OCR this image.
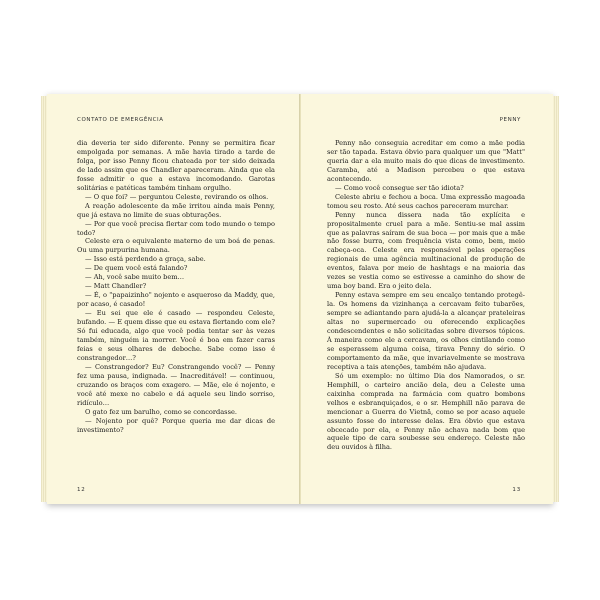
CONTATO DE EMERGÊNCIA

dia deveria ter sido diferente. Penny se permitira ficar empolgada por semanas. A mãe havia tirado a tarde de folga, por isso Penny ficou chateada por ter sido deixada de lado assim que os Chandler apareceram. Ainda que ela fosse admitir o que a estava incomodando. Garotas solitárias e patéticas também tinham orgulho.

— O que foi? — perguntou Celeste, revirando os olhos.

A reação adolescente da mãe irritou ainda mais Penny, que já estava no limite de suas obturações.

— Por que você precisa flertar com todo mundo o tempo todo?

Celeste era o equivalente materno de um boá de penas. Ou uma purpurina humana.

— Isso está perdendo a graça, sabe.

— De quem você está falando?

— Ah, você sabe muito bem…

— Matt Chandler?

— É, o "papaizinho" nojento e asqueroso da Maddy, que, por acaso, é casado!

— Eu sei que ele é casado — respondeu Celeste, bufando. — E quem disse que eu estava flertando com ele? Só fui educada, algo que você podia tentar ser às vezes também, ninguém ia morrer. Você é boa em fazer caras feias e seus olhares de deboche. Sabe como isso é constrangedor…?

— Constrangedor? Eu? Constrangendo você? — Penny fez uma pausa, indignada. — Inacreditável! — continuou, cruzando os braços com exagero. — Mãe, ele é nojento, e você até mexe no cabelo e dá aquele seu lindo sorriso, ridículo…

O gato fez um barulho, como se concordasse.

— Nojento por quê? Porque queria me dar dicas de investimento?

12
PENNY

Penny não conseguia acreditar em como a mãe podia ser tão tapada. Estava óbvio para qualquer um que "Matt" queria dar a ela muito mais do que dicas de investimento. Caramba, até a Madison percebeu o que estava acontecendo.

— Como você consegue ser tão idiota?

Celeste abriu e fechou a boca. Uma expressão magoada tomou seu rosto. Até seus cachos pareceram murchar.

Penny nunca dissera nada tão explícita e propositalmente cruel para a mãe. Sentiu-se mal assim que as palavras saíram de sua boca — por mais que a mãe não fosse burra, com frequência vista como, bem, meio cabeça-oca. Celeste era responsável pelas operações regionais de uma agência multinacional de produção de eventos, falava por meio de hashtags e na maioria das vezes se vestia como se estivesse a caminho do show de uma boy band. Era o jeito dela.

Penny estava sempre em seu encalço tentando protegê-la. Os homens da vizinhança a cercavam feito tubarões, sempre se adiantando para ajudá-la a alcançar prateleiras altas no supermercado ou oferecendo explicações condescendentes e não solicitadas sobre diversos tópicos. À maneira como ele a cercavam, os olhos cintilando como se esperassem alguma coisa, tirava Penny do sério. O comportamento da mãe, que invariavelmente se mostrava receptiva a tais atenções, também não ajudava.

Só um exemplo: no último Dia dos Namorados, o sr. Hemphill, o carteiro ancião dela, deu a Celeste uma caixinha comprada na farmácia com quatro bombons velhos e esbranquiçados, e o sr. Hemphill não parava de mencionar a Guerra do Vietnã, como se por acaso aquele assunto fosse do interesse delas. Era óbvio que estava obcecado por ela, e Penny não achava nada bom que aquele tipo de cara soubesse seu endereço. Celeste não deu ouvidos à filha.

13
